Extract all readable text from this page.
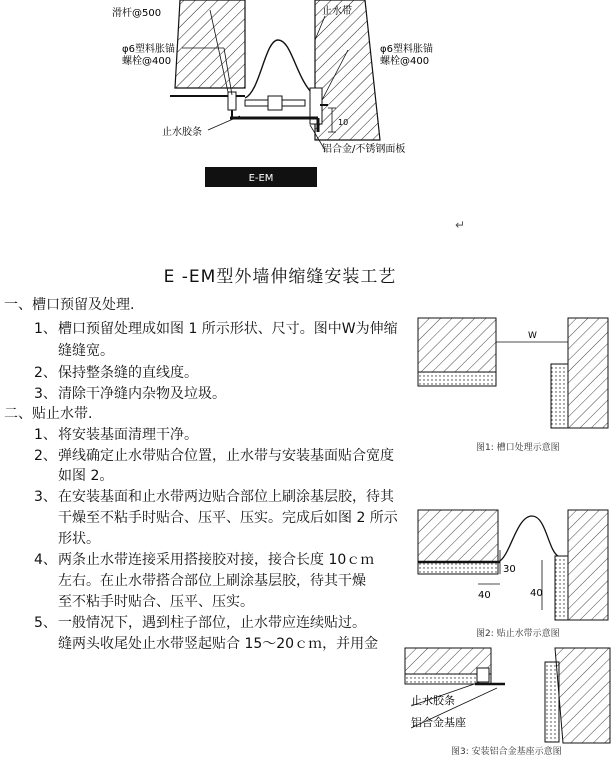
滑杆@500	止水带
φ6塑料胀锚
螺栓@400
φ6塑料胀锚
螺栓@400
止水胶条
10
铝合金/不锈钢面板
E-EM
↵
E -EM型外墙伸缩缝安装工艺
一、槽口预留及处理.
1、 槽口预留处理成如图 1 所示形状、尺寸。图中W为伸缩
缝缝宽。
2、 保持整条缝的直线度。
3、 清除干净缝内杂物及垃圾。
二、贴止水带.
1、 将安装基面清理干净。
2、 弹线确定止水带贴合位置，止水带与安装基面贴合宽度
如图 2。
3、 在安装基面和止水带两边贴合部位上刷涂基层胶，待其
干燥至不粘手时贴合、压平、压实。完成后如图 2 所示
形状。
4、 两条止水带连接采用搭接胶对接，接合长度 10ｃｍ
左右。在止水带搭合部位上刷涂基层胶，待其干燥
至不粘手时贴合、压平、压实。
5、 一般情况下，遇到柱子部位，止水带应连续贴过。
缝两头收尾处止水带竖起贴合 15～20ｃｍ，并用金
W
图1: 槽口处理示意图
30
40	40
图2: 贴止水带示意图
止水胶条
铝合金基座
图3: 安装铝合金基座示意图
